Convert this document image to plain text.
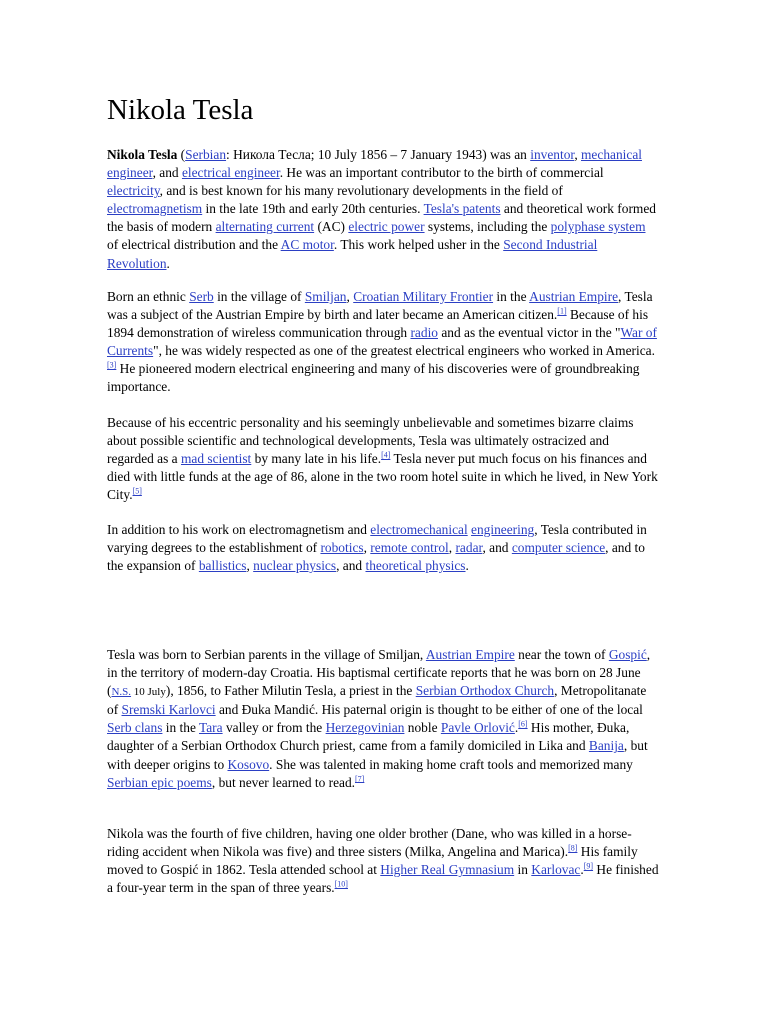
Nikola Tesla
Nikola Tesla (Serbian: Никола Тесла; 10 July 1856 – 7 January 1943) was an inventor, mechanical engineer, and electrical engineer. He was an important contributor to the birth of commercial electricity, and is best known for his many revolutionary developments in the field of electromagnetism in the late 19th and early 20th centuries. Tesla's patents and theoretical work formed the basis of modern alternating current (AC) electric power systems, including the polyphase system of electrical distribution and the AC motor. This work helped usher in the Second Industrial Revolution.
Born an ethnic Serb in the village of Smiljan, Croatian Military Frontier in the Austrian Empire, Tesla was a subject of the Austrian Empire by birth and later became an American citizen.[1] Because of his 1894 demonstration of wireless communication through radio and as the eventual victor in the "War of Currents", he was widely respected as one of the greatest electrical engineers who worked in America.[3] He pioneered modern electrical engineering and many of his discoveries were of groundbreaking importance.
Because of his eccentric personality and his seemingly unbelievable and sometimes bizarre claims about possible scientific and technological developments, Tesla was ultimately ostracized and regarded as a mad scientist by many late in his life.[4] Tesla never put much focus on his finances and died with little funds at the age of 86, alone in the two room hotel suite in which he lived, in New York City.[5]
In addition to his work on electromagnetism and electromechanical engineering, Tesla contributed in varying degrees to the establishment of robotics, remote control, radar, and computer science, and to the expansion of ballistics, nuclear physics, and theoretical physics.
Tesla was born to Serbian parents in the village of Smiljan, Austrian Empire near the town of Gospić, in the territory of modern-day Croatia. His baptismal certificate reports that he was born on 28 June (N.S. 10 July), 1856, to Father Milutin Tesla, a priest in the Serbian Orthodox Church, Metropolitanate of Sremski Karlovci and Đuka Mandić. His paternal origin is thought to be either of one of the local Serb clans in the Tara valley or from the Herzegovinian noble Pavle Orlović.[6] His mother, Đuka, daughter of a Serbian Orthodox Church priest, came from a family domiciled in Lika and Banija, but with deeper origins to Kosovo. She was talented in making home craft tools and memorized many Serbian epic poems, but never learned to read.[7]
Nikola was the fourth of five children, having one older brother (Dane, who was killed in a horse-riding accident when Nikola was five) and three sisters (Milka, Angelina and Marica).[8] His family moved to Gospić in 1862. Tesla attended school at Higher Real Gymnasium in Karlovac.[9] He finished a four-year term in the span of three years.[10]
